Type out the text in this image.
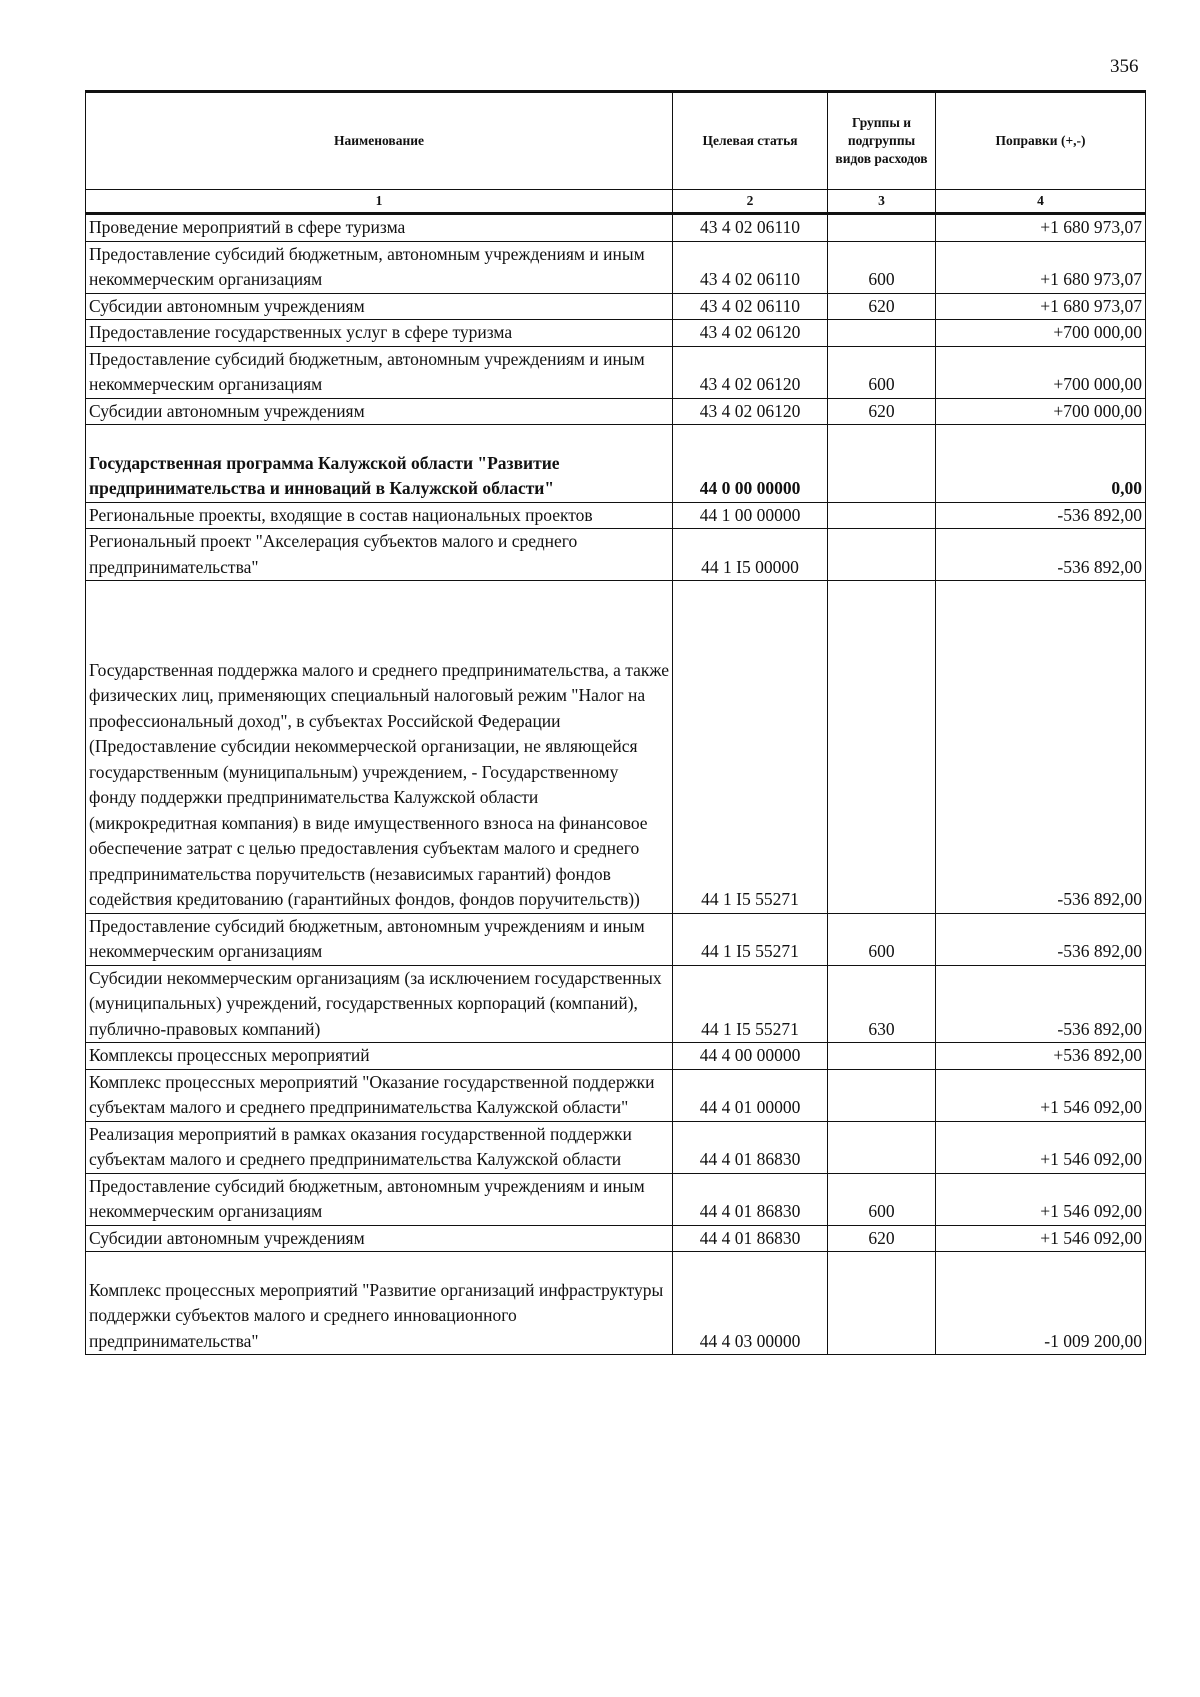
356
Наименование	Целевая статья	Группы и подгруппы видов расходов	Поправки (+,-)
1	2	3	4
Проведение мероприятий в сфере туризма	43 4 02 06110		+1 680 973,07
Предоставление субсидий бюджетным, автономным учреждениям и иным некоммерческим организациям	43 4 02 06110	600	+1 680 973,07
Субсидии автономным учреждениям	43 4 02 06110	620	+1 680 973,07
Предоставление государственных услуг в сфере туризма	43 4 02 06120		+700 000,00
Предоставление субсидий бюджетным, автономным учреждениям и иным некоммерческим организациям	43 4 02 06120	600	+700 000,00
Субсидии автономным учреждениям	43 4 02 06120	620	+700 000,00
Государственная программа Калужской области "Развитие предпринимательства и инноваций в Калужской области"	44 0 00 00000		0,00
Региональные проекты, входящие в состав национальных проектов	44 1 00 00000		-536 892,00
Региональный проект "Акселерация субъектов малого и среднего предпринимательства"	44 1 I5 00000		-536 892,00
Государственная поддержка малого и среднего предпринимательства, а также физических лиц, применяющих специальный налоговый режим "Налог на профессиональный доход", в субъектах Российской Федерации (Предоставление субсидии некоммерческой организации, не являющейся государственным (муниципальным) учреждением, - Государственному фонду поддержки предпринимательства Калужской области (микрокредитная компания) в виде имущественного взноса на финансовое обеспечение затрат с целью предоставления субъектам малого и среднего предпринимательства поручительств (независимых гарантий) фондов содействия кредитованию (гарантийных фондов, фондов поручительств))	44 1 I5 55271		-536 892,00
Предоставление субсидий бюджетным, автономным учреждениям и иным некоммерческим организациям	44 1 I5 55271	600	-536 892,00
Субсидии некоммерческим организациям (за исключением государственных (муниципальных) учреждений, государственных корпораций (компаний), публично-правовых компаний)	44 1 I5 55271	630	-536 892,00
Комплексы процессных мероприятий	44 4 00 00000		+536 892,00
Комплекс процессных мероприятий "Оказание государственной поддержки субъектам малого и среднего предпринимательства Калужской области"	44 4 01 00000		+1 546 092,00
Реализация мероприятий в рамках оказания государственной поддержки субъектам малого и среднего предпринимательства Калужской области	44 4 01 86830		+1 546 092,00
Предоставление субсидий бюджетным, автономным учреждениям и иным некоммерческим организациям	44 4 01 86830	600	+1 546 092,00
Субсидии автономным учреждениям	44 4 01 86830	620	+1 546 092,00
Комплекс процессных мероприятий "Развитие организаций инфраструктуры поддержки субъектов малого и среднего инновационного предпринимательства"	44 4 03 00000		-1 009 200,00
